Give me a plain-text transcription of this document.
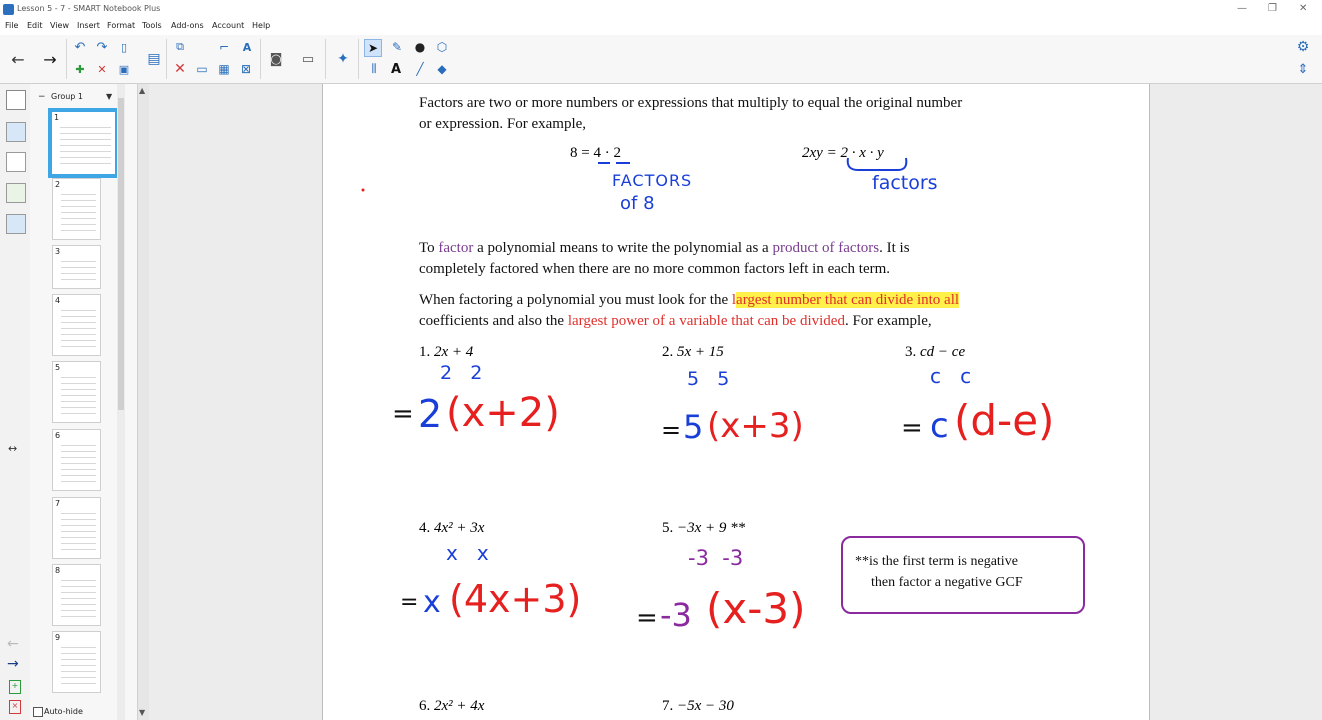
Lesson 5 - 7 - SMART Notebook Plus	— ❐ ✕
File Edit View Insert Format Tools Add-ons Account Help
← →
↶ ↷	▯
✚	✕	▣
▤
⧉
✕ ▭
⌐	A
▦ ⊠
◙ ▭ ✦
➤	✎	● ⬡
⫼	A	╱	◆
⚙
⇕
↔
←
→
+
×
− Group 1	▼
1
2
3
4
5
6
7
8
9
Auto-hide
▲
▼
Factors are two or more numbers or expressions that multiply to equal the original number
or expression. For example,
8 = 4 · 2	2xy = 2 · x · y
FACTORS
of 8
factors
To factor a polynomial means to write the polynomial as a product of factors. It is
completely factored when there are no more common factors left in each term.
When factoring a polynomial you must look for the largest number that can divide into all
coefficients and also the largest power of a variable that can be divided. For example,
1. 2x + 4	2. 5x + 15	3. cd − ce
4. 4x² + 3x	5. −3x + 9 **
6. 2x² + 4x	7. −5x − 30
2   2
= 2 (x+2)
5   5
= 5 (x+3)
c   c
= c (d-e)
x   x
= x (4x+3)
-3  -3
= -3 (x-3)
**is the first term is negative
then factor a negative GCF
